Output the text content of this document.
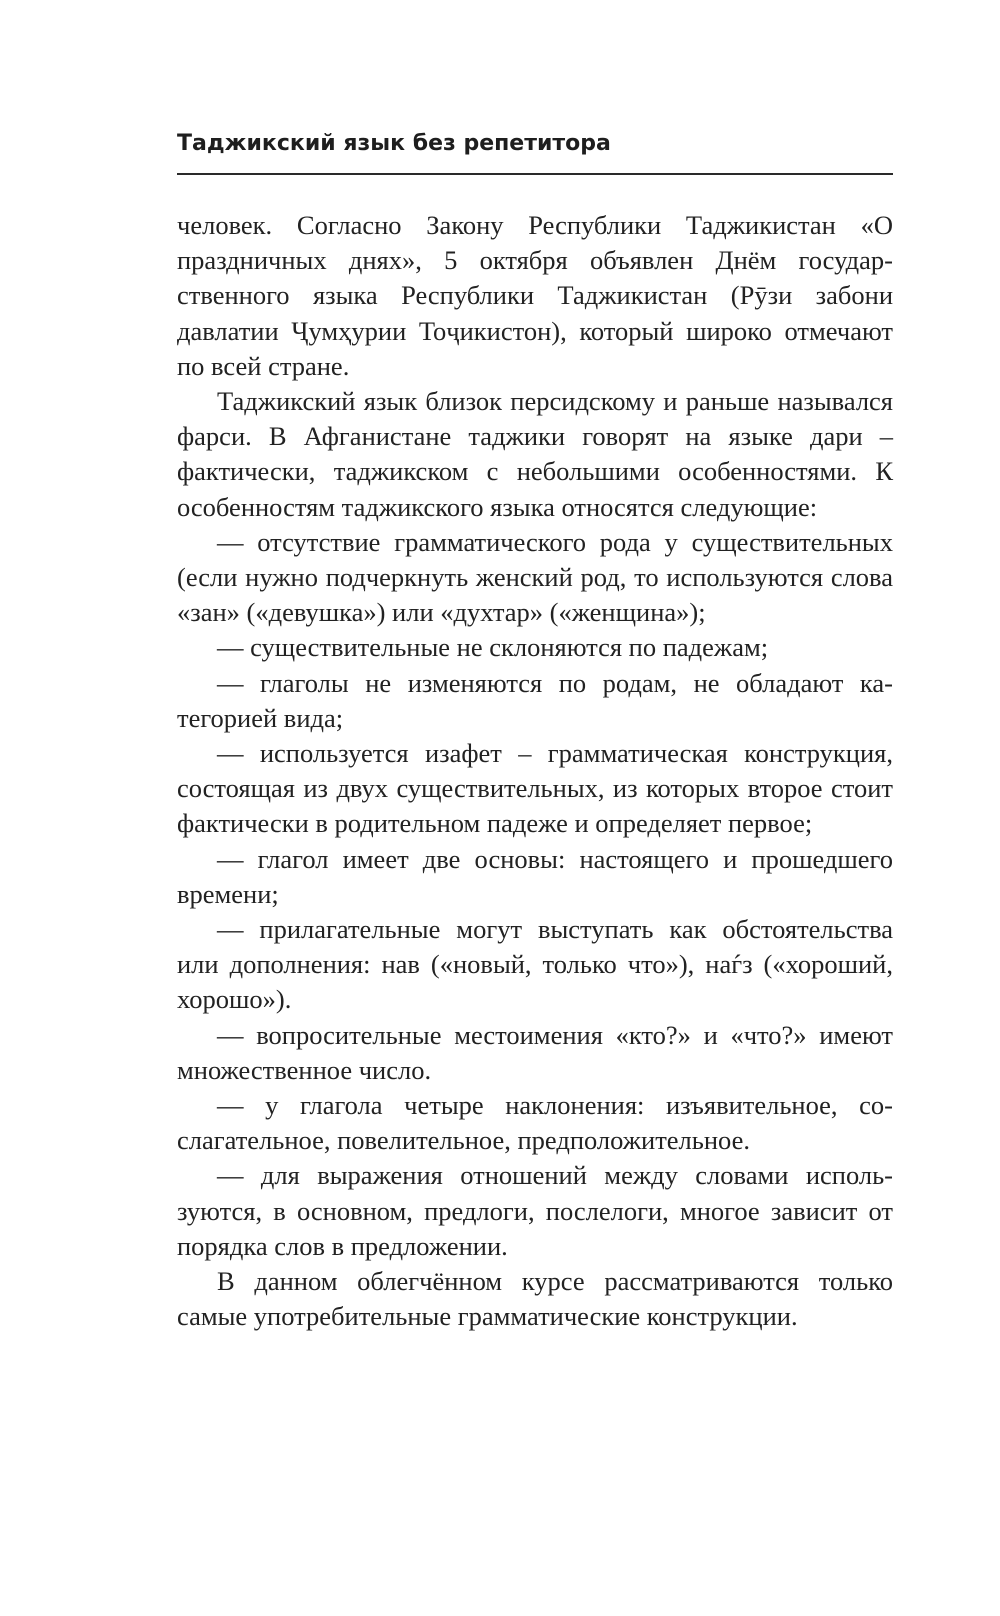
Таджикский язык без репетитора

человек. Согласно Закону Республики Таджикистан «О праздничных днях», 5 октября объявлен Днём государственного языка Республики Таджикистан (Рӯзи забони давлатии Ҷумҳурии Тоҷикистон), который широко отмечают по всей стране.

Таджикский язык близок персидскому и раньше назывался фарси. В Афганистане таджики говорят на языке дари – фактически, таджикском с небольшими особенностями. К особенностям таджикского языка относятся следующие:

— отсутствие грамматического рода у существительных (если нужно подчеркнуть женский род, то используются слова «зан» («девушка») или «духтар» («женщина»);

— существительные не склоняются по падежам;

— глаголы не изменяются по родам, не обладают категорией вида;

— используется изафет – грамматическая конструкция, состоящая из двух существительных, из которых второе стоит фактически в родительном падеже и определяет первое;

— глагол имеет две основы: настоящего и прошедшего времени;

— прилагательные могут выступать как обстоятельства или дополнения: нав («новый, только что»), наѓз («хороший, хорошо»).

— вопросительные местоимения «кто?» и «что?» имеют множественное число.

— у глагола четыре наклонения: изъявительное, сослагательное, повелительное, предположительное.

— для выражения отношений между словами используются, в основном, предлоги, послелоги, многое зависит от порядка слов в предложении.

В данном облегчённом курсе рассматриваются только самые употребительные грамматические конструкции.
